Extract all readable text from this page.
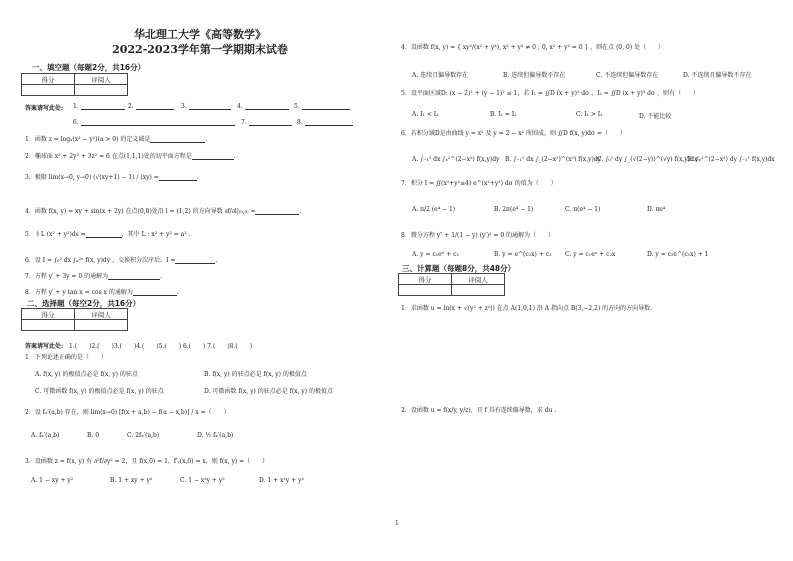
华北理工大学《高等数学》
2022-2023学年第一学期期末试卷
一、填空题（每题2分，共16分）
得分	评阅人

答案请写此处: 1.	2.	3.	4.	5.
6.	7.	8.
1．函数 z = logₐ(x² − y²)(a > 0) 的定义域是	.
2．椭球面 x² + 2y² + 3z² = 6 在点(1,1,1)处的切平面方程是	.
3．极限 lim(x→0, y→0) (√(xy+1) − 1) / (xy) =	.
4．函数 f(x, y) = xy + sin(x + 2y) 在点(0,0)处沿 l = (1,2) 的方向导数 ∂f/∂l|₍₀,₀₎ =	.
5．∮L (x² + y²)ds =	，其中 L : x² + y² = a² .
6．设 I = ∫₀² dx ∫ₓ²ˣ f(x, y)dy ，交换积分次序后，I =	.
7．方程 y′ + 3y = 0 的通解为	.
8．方程 y′ + y tan x = cos x 的通解为	.
二、选择题（每空2分，共16分）
得分	评阅人

答案请写此处: 1.(　　)2.(　　)3.(　　)4.(　　)5.(　　) 6.(　　) 7.(　　)8.(　　)
1．下列论述正确的是（　　）
A. f(x, y) 的极值点必是 f(x, y) 的驻点	B. f(x, y) 的驻点必是 f(x, y) 的极值点
C. 可微函数 f(x, y) 的极值点必是 f(x, y) 的驻点	D. 可微函数 f(x, y) 的驻点必是 f(x, y) 的极值点
2．设 fₓ′(a,b) 存在，则 lim(x→0) [f(x + a,b) − f(a − x,b)] / x =（　　）
A. fₓ′(a,b)	B. 0	C. 2fₓ′(a,b)	D. ½ fₓ′(a,b)
3．设函数 z = f(x, y) 有 ∂²f/∂y² = 2，且 f(x,0) = 1，f′ᵧ(x,0) = x，则 f(x, y) =（　　）
A. 1 − xy + y²	B. 1 + xy + y²	C. 1 − x²y + y²	D. 1 + x²y + y²
4．设函数 f(x, y) = { xy²/(x² + y⁴), x² + y² ≠ 0 ; 0, x² + y² = 0 } ，则在点 (0, 0) 处（　　）
A. 连续且偏导数存在	B. 连续但偏导数不存在	C. 不连续但偏导数存在	D. 不连续且偏导数不存在
5．设平面区域D: (x − 2)² + (y − 1)² ≤ 1，若 I₁ = ∬D (x + y)² dσ ，I₂ = ∬D (x + y)³ dσ ，则有（　　）
A. I₁ < I₂	B. I₁ = I₂	C. I₁ > I₂	D. 不能比较
6．若积分域D是由曲线 y = x² 及 y = 2 − x² 所围成，则 ∬D f(x, y)dσ =（　　）
A. ∫₋₁¹ dx ∫ₓ²^(2−x²) f(x,y)dy B. ∫₋₁¹ dx ∫_(2−x²)^(x²) f(x,y)dy
C. ∫₀¹ dy ∫_(√(2−y))^(√y) f(x,y)dx
D. ∫ₓ²^(2−x²) dy ∫₋₁¹ f(x,y)dx
7．积分 I = ∬(x²+y²≤4) e^(x²+y²) dσ 的值为（　　）
A. π/2 (e⁴ − 1)	B. 2π(e⁴ − 1)	C. π(e⁴ − 1)	D. πe⁴
8．微分方程 y″ + 1/(1 − y) (y′)² = 0 的通解为（　　）
A. y = c₁eˣ + c₂	B. y = e^(c₁x) + c₂ C. y = c₁eˣ + c₂x	D. y = c₂e^(c₁x) + 1
三、计算题（每题8分，共48分）
得分	评阅人

1．求函数 u = ln(x + √(y² + z²)) 在点 A(1,0,1) 沿 A 指向点 B(3,−2,2) 的方向的方向导数.
2．设函数 u = f(x/y, y/z)，且 f 具有连续偏导数，求 du .
1
